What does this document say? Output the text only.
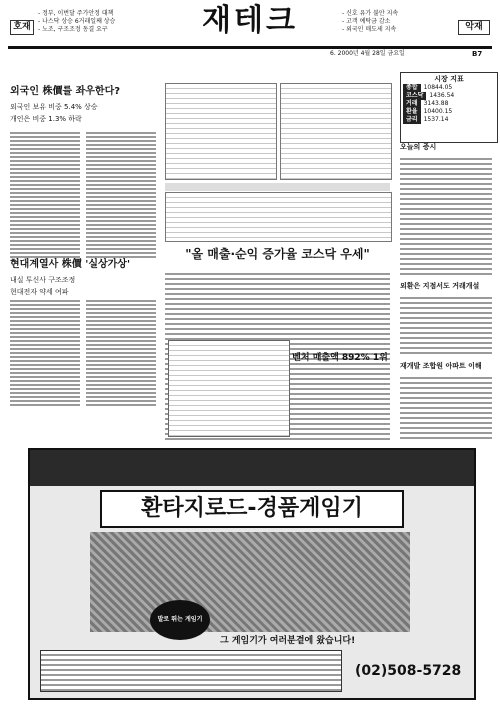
호재
- 정부, 이번달 주가안정 대책
- 나스닥 상승 6거래일째 상승
- 노조, 구조조정 동결 요구	재테크	- 신호 유가 불안 지속
- 고객 예탁금 감소
- 외국인 매도세 지속	악재
6. 2000년 4월 28일 금요일	B7
외국인 株價를 좌우한다?
외국인 보유 비중 5.4% 상승
개인은 비중 1.3% 하락
현대계열사 株價 '실상가상'
내실 투신사 구조조정
현대전자 약세 여파
"올 매출·순익 증가율 코스닥 우세"
벤처 매출액 892% 1위
시장 지표
종합	10844.05
코스닥	1436.54
거래	3143.88
환율	10400.15
금리	1537.14
오늘의 증시
외환은 지점서도 거래개설
재개발 조합원 아파트 이해
환타지로드-경품게임기
발로 뛰는 게임기
그 게임기가 여러분곁에 왔습니다!
(02)508-5728
